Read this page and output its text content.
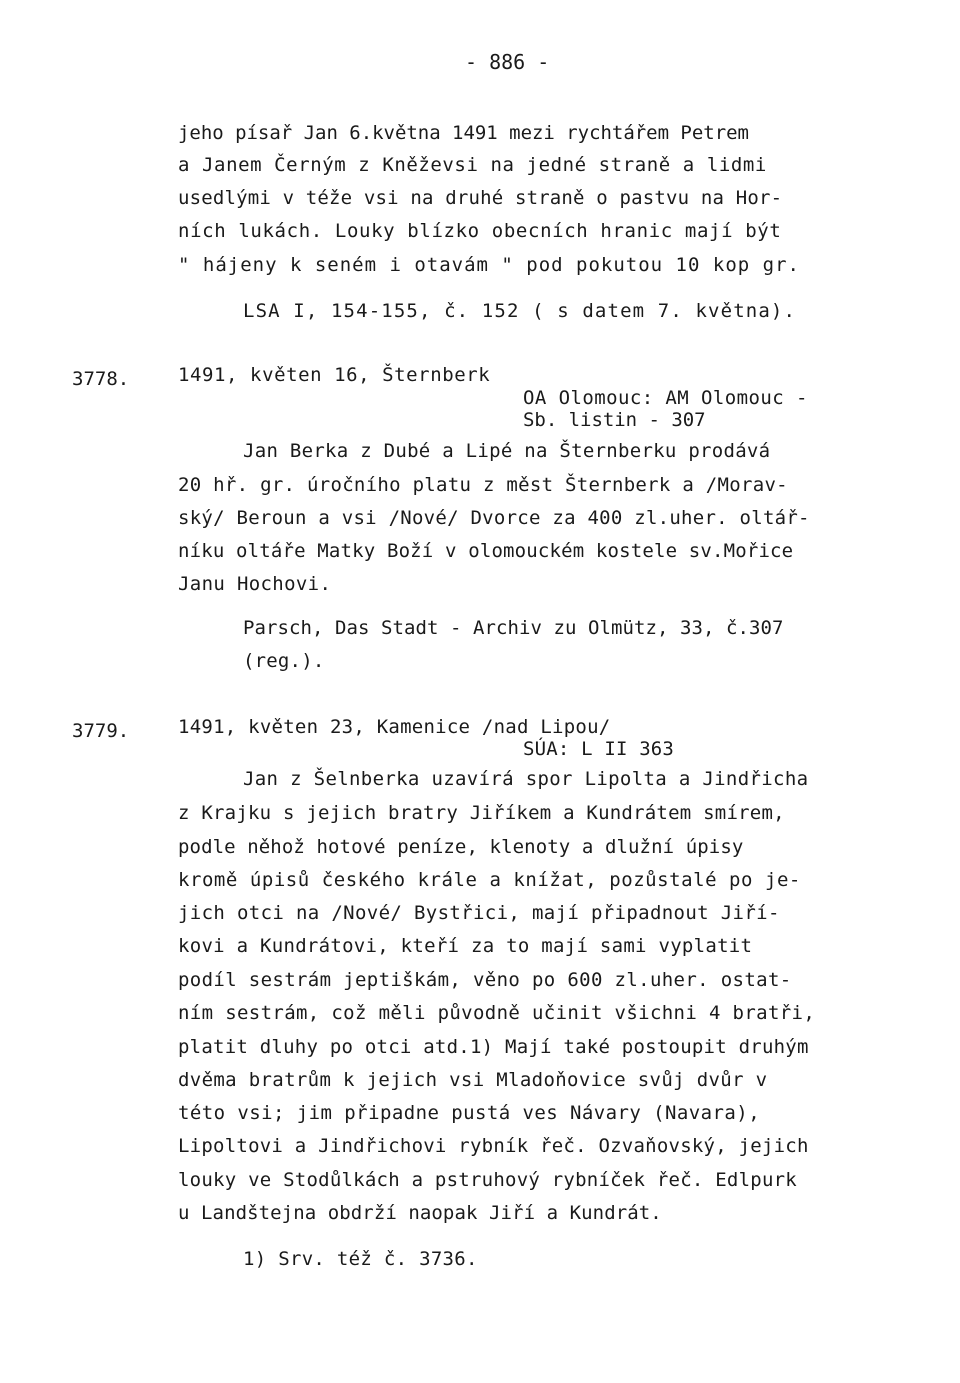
- 886 -
jeho písař Jan 6.května 1491 mezi rychtářem Petrem
a Janem Černým z Kněževsi na jedné straně a lidmi
usedlými v téže vsi na druhé straně o pastvu na Hor-
ních lukách. Louky blízko obecních hranic mají být
" hájeny k seném i otavám " pod pokutou 10 kop gr.
LSA I, 154-155, č. 152 ( s datem 7. května).
3778.	1491, květen 16, Šternberk
OA Olomouc: AM Olomouc -
Sb. listin - 307
Jan Berka z Dubé a Lipé na Šternberku prodává
20 hř. gr. úročního platu z měst Šternberk a /Morav-
ský/ Beroun a vsi /Nové/ Dvorce za 400 zl.uher. oltář-
níku oltáře Matky Boží v olomouckém kostele sv.Mořice
Janu Hochovi.
Parsch, Das Stadt - Archiv zu Olmütz, 33, č.307
(reg.).
3779.	1491, květen 23, Kamenice /nad Lipou/
SÚA: L II 363
Jan z Šelnberka uzavírá spor Lipolta a Jindřicha
z Krajku s jejich bratry Jiříkem a Kundrátem smírem,
podle něhož hotové peníze, klenoty a dlužní úpisy
kromě úpisů českého krále a knížat, pozůstalé po je-
jich otci na /Nové/ Bystřici, mají připadnout Jiří-
kovi a Kundrátovi, kteří za to mají sami vyplatit
podíl sestrám jeptiškám, věno po 600 zl.uher. ostat-
ním sestrám, což měli původně učinit všichni 4 bratři,
platit dluhy po otci atd.1) Mají také postoupit druhým
dvěma bratrům k jejich vsi Mladoňovice svůj dvůr v
této vsi; jim připadne pustá ves Návary (Navara),
Lipoltovi a Jindřichovi rybník řeč. Ozvaňovský, jejich
louky ve Stodůlkách a pstruhový rybníček řeč. Edlpurk
u Landštejna obdrží naopak Jiří a Kundrát.
1) Srv. též č. 3736.
